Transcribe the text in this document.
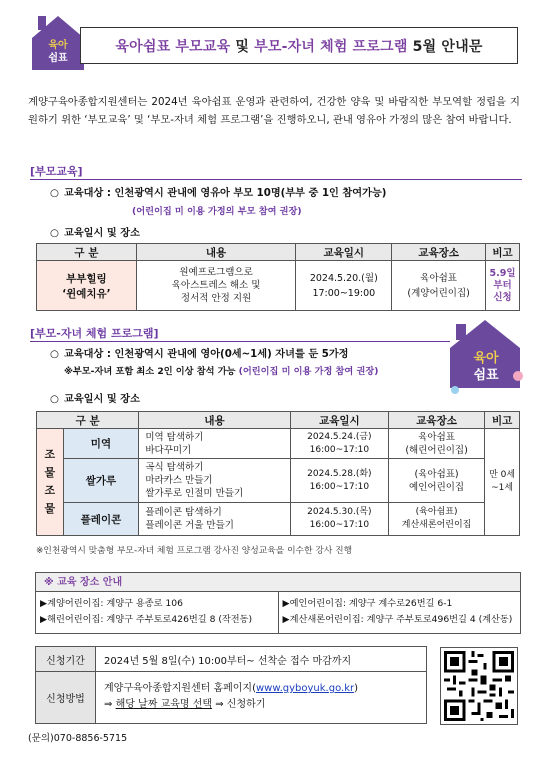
육아
쉼표
육아쉼표 부모교육 및 부모-자녀 체험 프로그램 5월 안내문
계양구육아종합지원센터는 2024년 육아쉼표 운영과 관련하여, 건강한 양육 및 바람직한 부모역할 정립을 지원하기 위한 ‘부모교육’ 및 ‘부모-자녀 체험 프로그램’을 진행하오니, 관내 영유아 가정의 많은 참여 바랍니다.
[부모교육]
○ 교육대상 : 인천광역시 관내에 영유아 부모 10명(부부 중 1인 참여가능)
(어린이집 미 이용 가정의 부모 참여 권장)
○ 교육일시 및 장소
구 분	내용	교육일시	교육장소	비고
부부힐링
‘윈예치유’	원예프로그램으로
육아스트레스 해소 및
정서적 안정 지원	2024.5.20.(월)
17:00~19:00	육아쉼표
(계양어린이집)	5.9일
부터
신청
[부모-자녀 체험 프로그램]
육아
쉼표
○ 교육대상 : 인천광역시 관내에 영아(0세~1세) 자녀를 둔 5가정
※부모-자녀 포함 최소 2인 이상 참석 가능 (어린이집 미 이용 가정 참여 권장)
○ 교육일시 및 장소
구 분		내용	교육일시	교육장소	비고
조
물
조
물	미역	미역 탐색하기
바다꾸미기	2024.5.24.(금)
16:00~17:10	육아쉼표
(해린어린이집)	만 0세
~1세
	쌀가루	곡식 탐색하기
마라카스 만들기
쌀가루로 인절미 만들기	2024.5.28.(화)
16:00~17:10	(육아쉼표)
예인어린이집	
	플레이콘	플레이콘 탐색하기
플레이콘 거울 만들기	2024.5.30.(목)
16:00~17:10	(육아쉼표)
계산새론어린이집	
※인천광역시 맞춤형 부모-자녀 체험 프로그램 강사진 양성교육을 이수한 강사 진행
※ 교육 장소 안내
▶계양어린이집: 계양구 용종로 106
▶해린어린이집: 계양구 주부토로426번길 8 (작전동)
▶예인어린이집: 계양구 계수로26번길 6-1
▶계산새론어린이집: 계양구 주부토로496번길 4 (계산동)
신청기간	2024년 5월 8일(수) 10:00부터~ 선착순 접수 마감까지
신청방법
계양구육아종합지원센터 홈페이지(www.gyboyuk.go.kr)
⇒ 해당 날짜 교육명 선택 ⇒ 신청하기
(문의)070-8856-5715
